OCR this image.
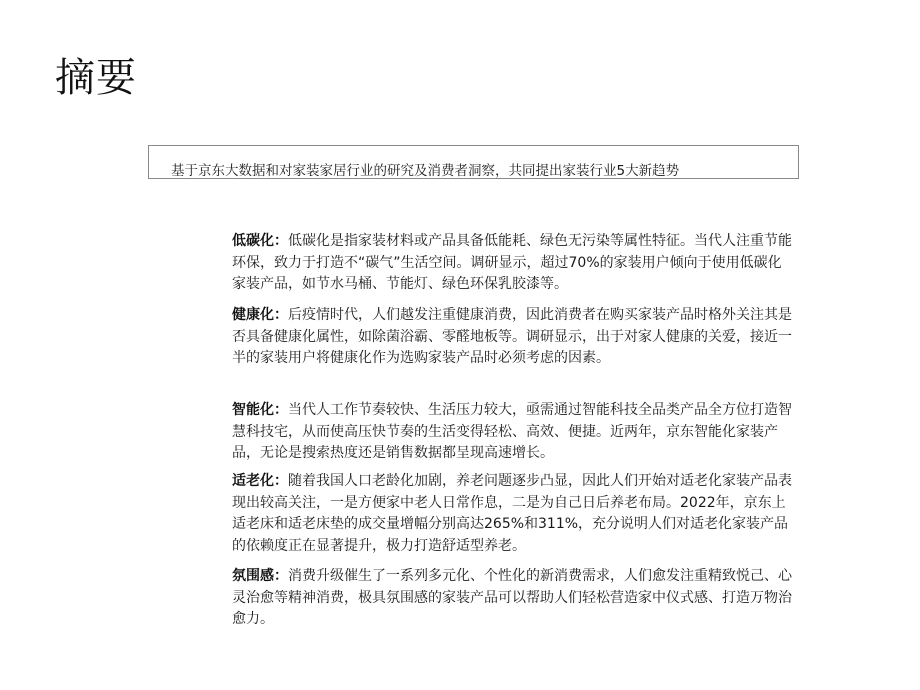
摘要
基于京东大数据和对家装家居行业的研究及消费者洞察，共同提出家装行业5大新趋势

低碳化：低碳化是指家装材料或产品具备低能耗、绿色无污染等属性特征。当代人注重节能环保，致力于打造不“碳气”生活空间。调研显示，超过70%的家装用户倾向于使用低碳化家装产品，如节水马桶、节能灯、绿色环保乳胶漆等。

健康化：后疫情时代，人们越发注重健康消费，因此消费者在购买家装产品时格外关注其是否具备健康化属性，如除菌浴霸、零醛地板等。调研显示，出于对家人健康的关爱，接近一半的家装用户将健康化作为选购家装产品时必须考虑的因素。

智能化：当代人工作节奏较快、生活压力较大，亟需通过智能科技全品类产品全方位打造智慧科技宅，从而使高压快节奏的生活变得轻松、高效、便捷。近两年，京东智能化家装产品，无论是搜索热度还是销售数据都呈现高速增长。

适老化：随着我国人口老龄化加剧，养老问题逐步凸显，因此人们开始对适老化家装产品表现出较高关注，一是方便家中老人日常作息，二是为自己日后养老布局。2022年，京东上适老床和适老床垫的成交量增幅分别高达265%和311%，充分说明人们对适老化家装产品的依赖度正在显著提升，极力打造舒适型养老。

氛围感：消费升级催生了一系列多元化、个性化的新消费需求，人们愈发注重精致悦己、心灵治愈等精神消费，极具氛围感的家装产品可以帮助人们轻松营造家中仪式感、打造万物治愈力。
